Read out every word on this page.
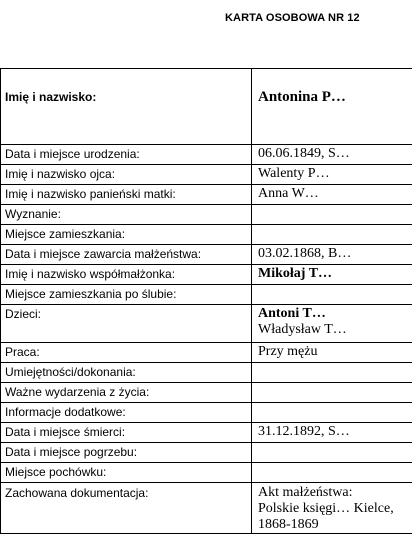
KARTA OSOBOWA NR 12
Imię i nazwisko:	Antonina P…
Data i miejsce urodzenia:	06.06.1849, S…
Imię i nazwisko ojca:	Walenty P…
Imię i nazwisko panieński matki:	Anna W…
Wyznanie:	
Miejsce zamieszkania:	
Data i miejsce zawarcia małżeństwa:	03.02.1868, B…
Imię i nazwisko współmałżonka:	Mikołaj T…
Miejsce zamieszkania po ślubie:	
Dzieci:	Antoni T…
Władysław T…

Praca:	Przy mężu
Umiejętności/dokonania:	
Ważne wydarzenia z życia:	
Informacje dodatkowe:	
Data i miejsce śmierci:	31.12.1892, S…
Data i miejsce pogrzebu:	
Miejsce pochówku:	
Zachowana dokumentacja:	Akt małżeństwa:
Polskie księgi… Kielce,
1868-1869
